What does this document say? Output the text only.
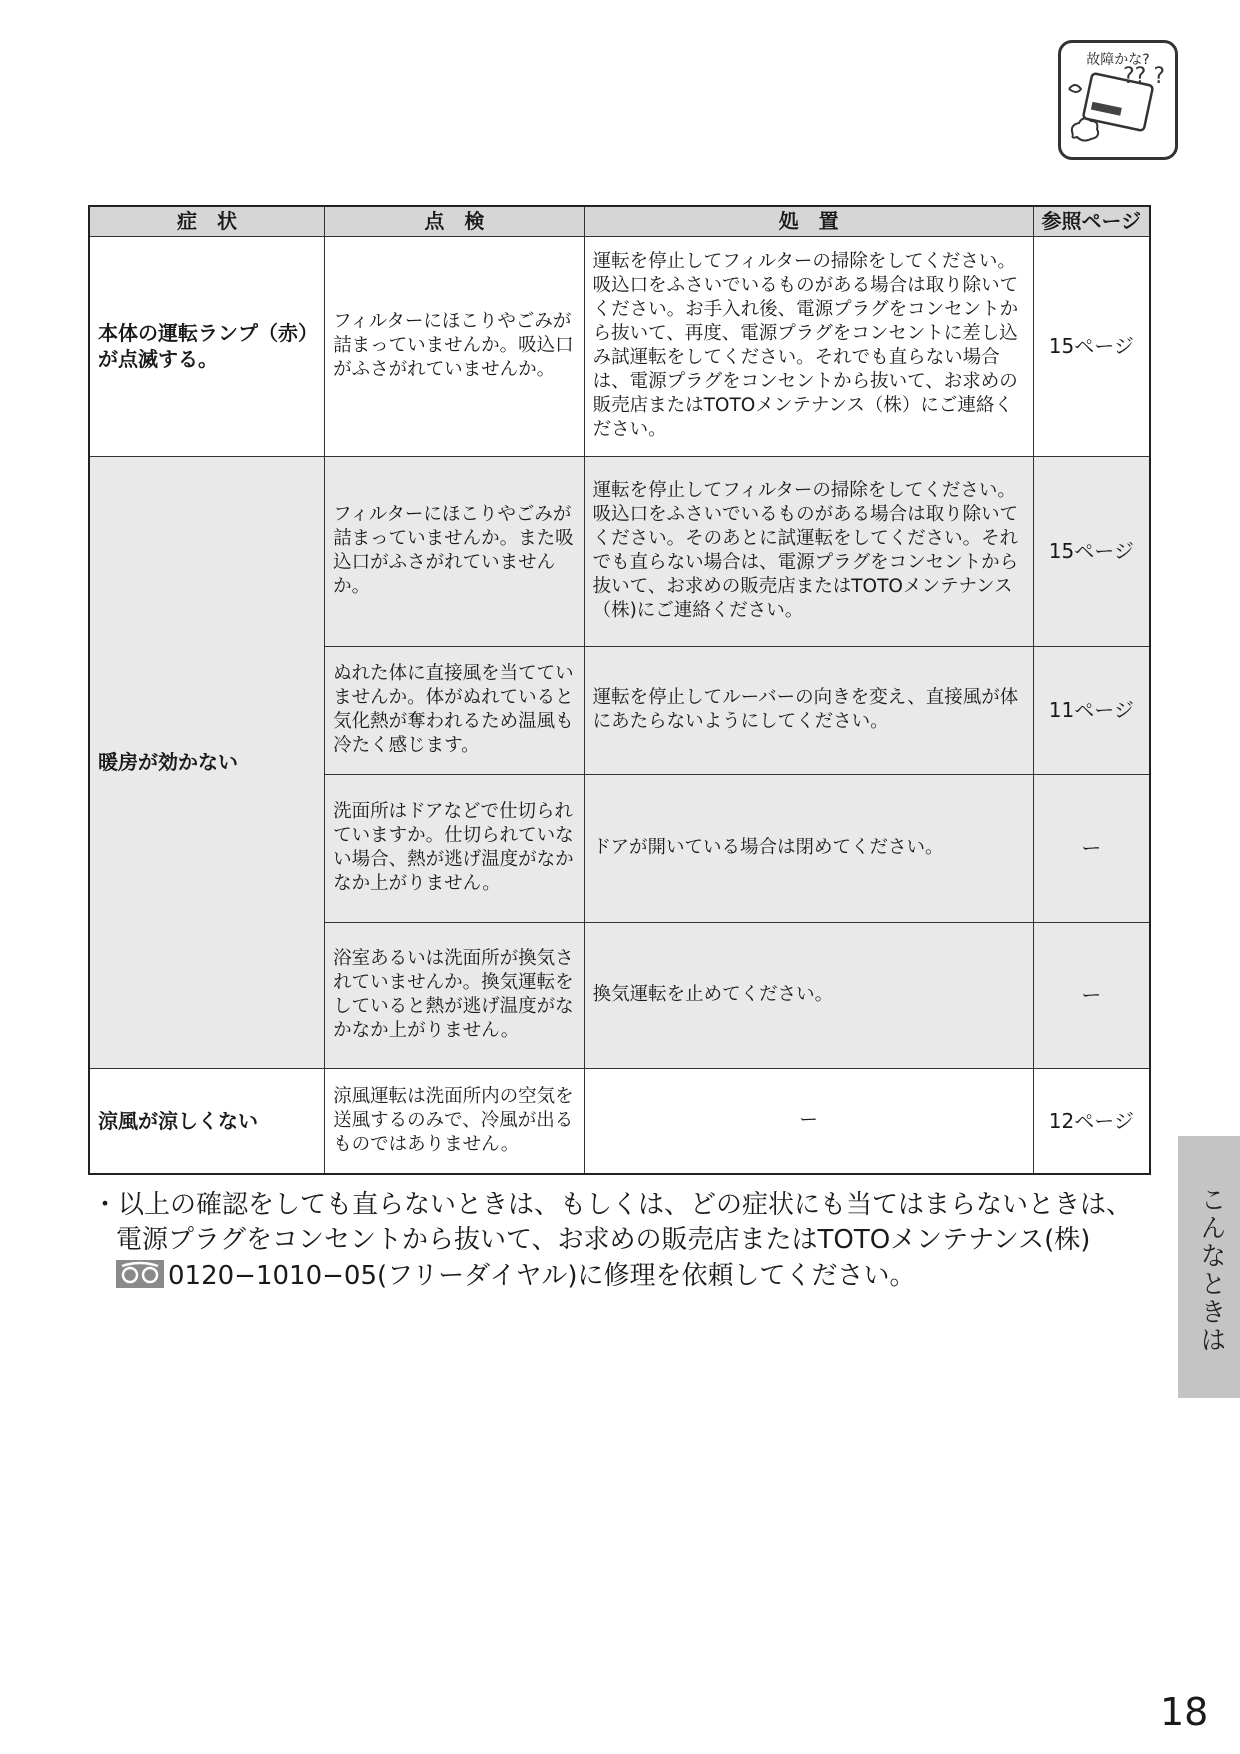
故障かな?
?? ?
症　状	点　検	処　置	参照ページ
本体の運転ランプ（赤）が点滅する。	フィルターにほこりやごみが詰まっていませんか。吸込口がふさがれていませんか。	運転を停止してフィルターの掃除をしてください。吸込口をふさいでいるものがある場合は取り除いてください。お手入れ後、電源プラグをコンセントから抜いて、再度、電源プラグをコンセントに差し込み試運転をしてください。それでも直らない場合は、電源プラグをコンセントから抜いて、お求めの販売店またはTOTOメンテナンス（株）にご連絡ください。	15ページ
暖房が効かない	フィルターにほこりやごみが詰まっていませんか。また吸込口がふさがれていませんか。	運転を停止してフィルターの掃除をしてください。吸込口をふさいでいるものがある場合は取り除いてください。そのあとに試運転をしてください。それでも直らない場合は、電源プラグをコンセントから抜いて、お求めの販売店またはTOTOメンテナンス（株)にご連絡ください。	15ページ
	ぬれた体に直接風を当てていませんか。体がぬれていると気化熱が奪われるため温風も冷たく感じます。	運転を停止してルーバーの向きを変え、直接風が体にあたらないようにしてください。	11ページ
	洗面所はドアなどで仕切られていますか。仕切られていない場合、熱が逃げ温度がなかなか上がりません。	ドアが開いている場合は閉めてください。	ー
	浴室あるいは洗面所が換気されていませんか。換気運転をしていると熱が逃げ温度がなかなか上がりません。	換気運転を止めてください。	ー
涼風が涼しくない	涼風運転は洗面所内の空気を送風するのみで、冷風が出るものではありません。	ー	12ページ
・以上の確認をしても直らないときは、もしくは、どの症状にも当てはまらないときは、
電源プラグをコンセントから抜いて、お求めの販売店またはTOTOメンテナンス(株)
0120−1010−05(フリーダイヤル)に修理を依頼してください。	こんなときは
18
